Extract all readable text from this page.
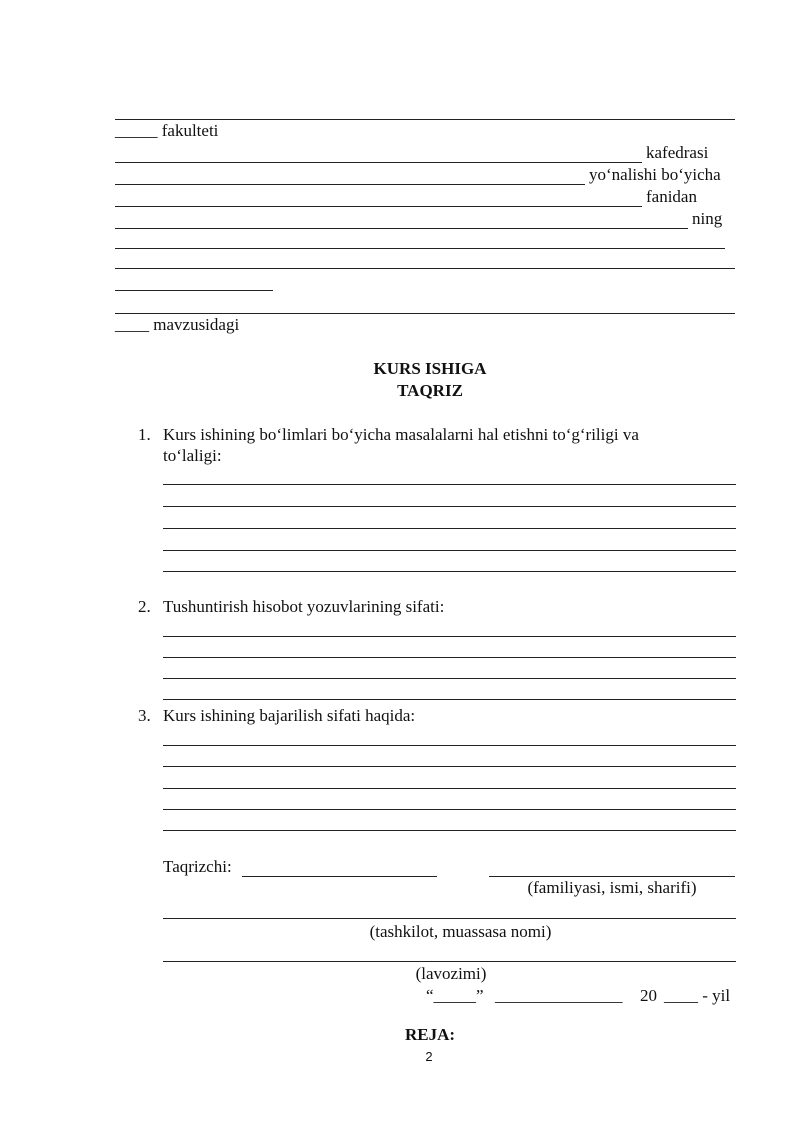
_____ fakulteti
kafedrasi
yo‘nalishi bo‘yicha
fanidan
ning
____ mavzusidagi
KURS ISHIGA
TAQRIZ
1. Kurs ishining bo‘limlari bo‘yicha masalalarni hal etishni to‘g‘riligi va
to‘laligi:
2. Tushuntirish hisobot yozuvlarining sifati:
3. Kurs ishining bajarilish sifati haqida:
Taqrizchi:
(familiyasi, ismi, sharifi)
(tashkilot, muassasa nomi)
(lavozimi)
“_____” _______________ 20 ____ - yil
REJA:
2
